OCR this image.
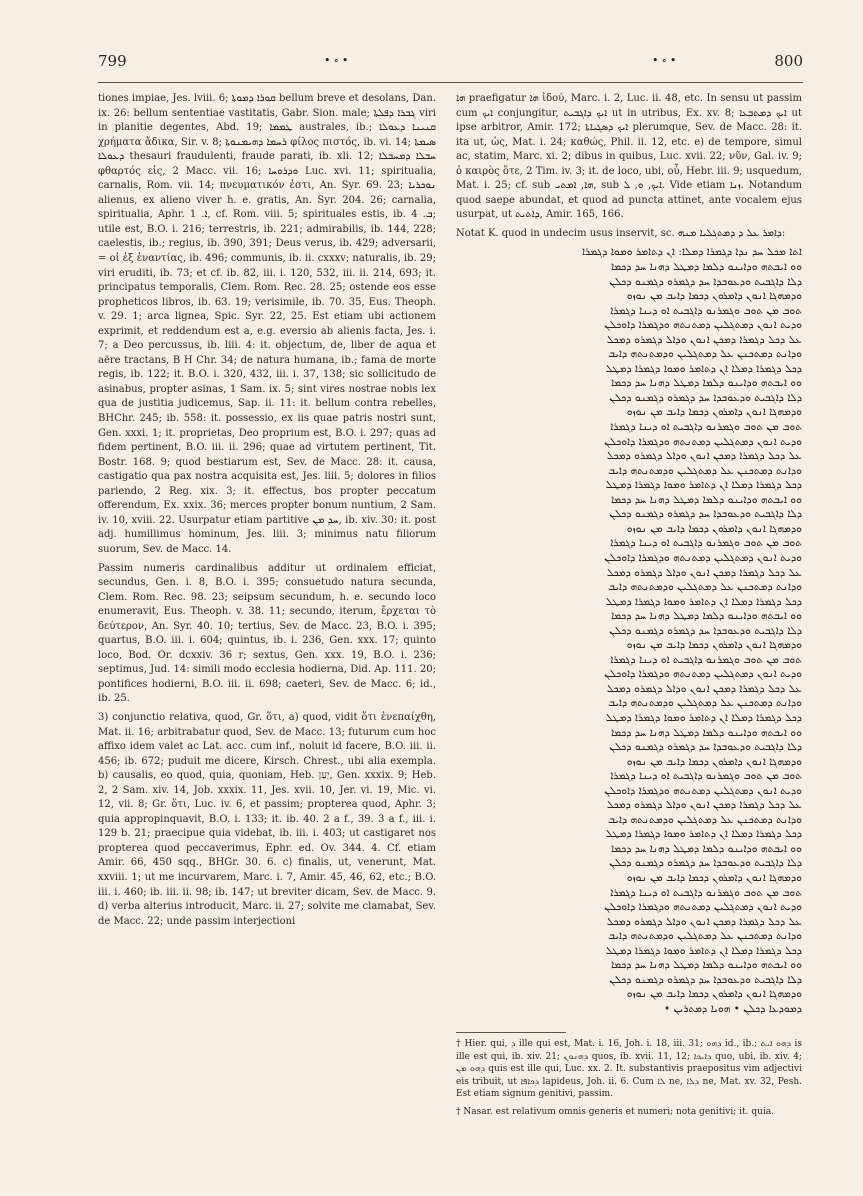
799	•∘•	•∘•	800

tiones impiae, Jes. lviii. 6; ܩܘܪܐ ܕܡܘܬܐ bellum breve et desolans, Dan. ix. 26: bellum sententiae vastitatis, Gabr. Sion. male; ܓܒܪܐ ܕܦܠܬܐ viri in planitie degentes, Abd. 19; ܛܡܡܐ australes, ib.; ܩܢܝܢܐ ܕܥܘܠܐ χρήματα ἄδικα, Sir. v. 8; ܪܚܡܐ ܕܗܝܡܢܘܬܐ φίλος πιστός, ib. vi. 14; ܣܝܡܬܐ ܕܥܘܠܐ thesauri fraudulenti, fraude parati, ib. xli. 12; ܚܒܠܐ ܕܡܚܒܠܐ φθαρτός εἰς, 2 Macc. vii. 16; ܘܕܪܘܚܐ Luc. xvi. 11; spiritualiа, carnalis, Rom. vii. 14; πνευματικόν ἐστι, An. Syr. 69. 23; ܢܘܟܪܝܐ alienus, ex alieno viver h. e. gratis, An. Syr. 204. 26; carnalia, spiritualia, Aphr. ܐ. 1, cf. Rom. viii. 5; spirituales estis, ib. ܒ. 4; utile est, B.O. i. 216; terrestris, ib. 221; admirabilis, ib. 144, 228; caelestis, ib.; regius, ib. 390, 391; Deus verus, ib. 429; adversarii, = οἱ ἐξ ἐναντίας, ib. 496; communis, ib. ii. cxxxv; naturalis, ib. 29; viri eruditi, ib. 73; et cf. ib. 82, iii. i. 120, 532, iii. ii. 214, 693; it. principatus temporalis, Clem. Rom. Rec. 28. 25; ostende eos esse propheticos libros, ib. 63. 19; verisimile, ib. 70. 35, Eus. Theoph. v. 29. 1; arca lignea, Spic. Syr. 22, 25. Est etiam ubi actionem exprimit, et reddendum est a, e.g. eversio ab alienis facta, Jes. i. 7; a Deo percussus, ib. liii. 4: it. objectum, de, liber de aqua et aëre tractans, B H Chr. 34; de natura humana, ib.; fama de morte regis, ib. 122; it. B.O. i. 320, 432, iii. i. 37, 138; sic sollicitudo de asinabus, propter asinas, 1 Sam. ix. 5; sint vires nostrae nobis lex qua de justitia judicemus, Sap. ii. 11: it. bellum contra rebelles, BHChr. 245; ib. 558: it. possessio, ex iis quae patris nostri sunt, Gen. xxxi. 1; it. proprietas, Deo proprium est, B.O. i. 297; quas ad fidem pertinent, B.O. iii. ii. 296; quae ad virtutem pertinent, Tit. Bostr. 168. 9; quod bestiarum est, Sev. de Macc. 28: it. causa, castigatio qua pax nostra acquisita est, Jes. liii. 5; dolores in filios pariendo, 2 Reg. xix. 3; it. effectus, bos propter peccatum offerendum, Ex. xxix. 36; merces propter bonum nuntium, 2 Sam. iv. 10, xviii. 22. Usurpatur etiam partitive ܚܕ ܡܢ, ib. xiv. 30: it. post adj. humillimus hominum, Jes. liii. 3; minimus natu filiorum suorum, Sev. de Macc. 14.

Passim numeris cardinalibus additur ut ordinalem efficiat, secundus, Gen. i. 8, B.O. i. 395; consuetudo natura secunda, Clem. Rom. Rec. 98. 23; seipsum secundum, h. e. secundo loco enumeravit, Eus. Theoph. v. 38. 11; secundo, iterum, ἔρχεται τὸ δεύτερον, An. Syr. 40. 10; tertius, Sev. de Macc. 23, B.O. i. 395; quartus, B.O. iii. i. 604; quintus, ib. i. 236, Gen. xxx. 17; quinto loco, Bod. Or. dcxxiv. 36 r; sextus, Gen. xxx. 19, B.O. i. 236; septimus, Jud. 14: simili modo ecclesia hodierna, Did. Ap. 111. 20; pontifices hodierni, B.O. iii. ii. 698; caeteri, Sev. de Macc. 6; id., ib. 25.

3) conjunctio relativa, quod, Gr. ὅτι, a) quod, vidit ὅτι ἐνεπαίχθη, Mat. ii. 16; arbitrabatur quod, Sev. de Macc. 13; futurum cum hoc affixo idem valet ac Lat. acc. cum inf., noluit id facere, B.O. iii. ii. 456; ib. 672; puduit me dicere, Kirsch. Chrest., ubi alia exempla. b) causalis, eo quod, quia, quoniam, Heb. יַעַן, Gen. xxxix. 9; Heb. 2, 2 Sam. xiv. 14, Job. xxxix. 11, Jes. xvii. 10, Jer. vi. 19, Mic. vi. 12, vii. 8; Gr. ὅτι, Luc. iv. 6, et passim; propterea quod, Aphr. 3; quia appropinquavit, B.O. i. 133; it. ib. 40. 2 a f., 39. 3 a f., iii. i. 129 b. 21; praecipue quia videbat, ib. iii. i. 403; ut castigaret nos propterea quod peccaverimus, Ephr. ed. Ov. 344. 4. Cf. etiam Amir. 66, 450 sqq., BHGr. 30. 6. c) finalis, ut, venerunt, Mat. xxviii. 1; ut me incurvarem, Marc. i. 7, Amir. 45, 46, 62, etc.; B.O. iii. i. 460; ib. iii. ii. 98; ib. 147; ut breviter dicam, Sev. de Macc. 9. d) verba alterius introducit, Marc. ii. 27; solvite me clamabat, Sev. de Macc. 22; unde passim interjectioni

ܗܐ praefigatur ܗܐ ἰδού, Marc. i. 2, Luc. ii. 48, etc. In sensu ut passim cum ܐܝܟ conjungitur, ܐܝܟ ܕܐܓܒܝܬ ut in utribus, Ex. xv. 8; ܐܝܟ ܕܡܬܒܥܐ ut ipse arbitror, Amir. 172; ܐܝܟ ܕܣܓܝܐܬܐ plerumque, Sev. de Macc. 28: it. ita ut, ὡς, Mat. i. 24; καθώς, Phil. ii. 12, etc. e) de tempore, simul ac, statim, Marc. xi. 2; dibus in quibus, Luc. xvii. 22; νῦν, Gal. iv. 9; ὁ καιρὸς ὅτε, 2 Tim. iv. 3; it. de loco, ubi, οὗ, Hebr. iii. 9; usquedum, Mat. i. 25; cf. sub ܗܐ, ܐܡܬܝ, sub ܐܝܟ, ܘ, ܠ. Vide etiam ܙܢܐ. Notandum quod saepe abundat, et quod ad puncta attinet, ante vocalem ejus usurpat, ut ܕܐܬܝܬ, Amir. 165, 166.

Notat K. quod in undecim usus inservit, sc. ܕܐܡܪ ܥܠ ܕ ܕܡܬܓܠܝܐ ܡܢܗ:

ܐܬܐ ܡܟܠ ܚܕ ܢܕܐ ܕܓܡܪܐ ܕܡܠܐ: ܐܢ ܕܬܐܡܪ ܘܡܘܐ ܕܓܡܪܐ
ܘܘ ܐܝܒܬܗ ܘܕܐܝܢܘ ܕܠܡܐ ܕܡܛܠ ܕܗܢܐ ܚܕ ܕܟܡܐ
ܕܠܐ ܕܐܓܒܝܬ ܘܕܥܘܒܕܐ ܚܕ ܕܓܡܪܘ ܕܓܡܢܘ ܕܟܠܢ
ܘܕܡܗܓܐ ܐܢܘܢ ܕܐܡܪܘܢ ܕܟܡܐ ܕܐܝܒ ܡܢ ܢܘܙܘ
ܬܘܒ ܡܢ ܬܘܒ ܘܓܡܪܢܘ ܕܐܓܒܝܬ ܐܘ ܕܝܢܐ ܕܓܡܪܐ
ܘܕܝܬ ܐܢܘܢ ܕܡܬܓܠܝܢ ܕܡܬܢܬܗ ܘܕܓܡܪܐ ܕܐܘܟܠܢ
ܥܠ ܕܟܠ ܕܓܡܪܐ ܕܡܟܢ ܐܢܘܢ ܘܕܐܠ ܕܓܡܪܘ ܕܡܟܠ
ܘܕܐܢܬ ܕܡܬܟܢܢ ܥܠ ܕܡܬܓܠܝܢ ܘܕܡܬܢܬܗ ܕܐܝܒ
ܕܟܠ ܕܓܡܪܐ ܕܡܠܐ ܐܢ ܕܬܐܡܪ ܘܡܘܐ ܕܓܡܪܐ ܕܡܛܠ
ܘܘ ܐܝܒܬܗ ܘܕܐܝܢܘ ܕܠܡܐ ܕܡܛܠ ܕܗܢܐ ܚܕ ܕܟܡܐ
ܕܠܐ ܕܐܓܒܝܬ ܘܕܥܘܒܕܐ ܚܕ ܕܓܡܪܘ ܕܓܡܢܘ ܕܟܠܢ
ܘܕܡܗܓܐ ܐܢܘܢ ܕܐܡܪܘܢ ܕܟܡܐ ܕܐܝܒ ܡܢ ܢܘܙܘ
ܬܘܒ ܡܢ ܬܘܒ ܘܓܡܪܢܘ ܕܐܓܒܝܬ ܐܘ ܕܝܢܐ ܕܓܡܪܐ
ܘܕܝܬ ܐܢܘܢ ܕܡܬܓܠܝܢ ܕܡܬܢܬܗ ܘܕܓܡܪܐ ܕܐܘܟܠܢ
ܥܠ ܕܟܠ ܕܓܡܪܐ ܕܡܟܢ ܐܢܘܢ ܘܕܐܠ ܕܓܡܪܘ ܕܡܟܠ
ܘܕܐܢܬ ܕܡܬܟܢܢ ܥܠ ܕܡܬܓܠܝܢ ܘܕܡܬܢܬܗ ܕܐܝܒ
ܕܟܠ ܕܓܡܪܐ ܕܡܠܐ ܐܢ ܕܬܐܡܪ ܘܡܘܐ ܕܓܡܪܐ ܕܡܛܠ
ܘܘ ܐܝܒܬܗ ܘܕܐܝܢܘ ܕܠܡܐ ܕܡܛܠ ܕܗܢܐ ܚܕ ܕܟܡܐ
ܕܠܐ ܕܐܓܒܝܬ ܘܕܥܘܒܕܐ ܚܕ ܕܓܡܪܘ ܕܓܡܢܘ ܕܟܠܢ
ܘܕܡܗܓܐ ܐܢܘܢ ܕܐܡܪܘܢ ܕܟܡܐ ܕܐܝܒ ܡܢ ܢܘܙܘ
ܬܘܒ ܡܢ ܬܘܒ ܘܓܡܪܢܘ ܕܐܓܒܝܬ ܐܘ ܕܝܢܐ ܕܓܡܪܐ
ܘܕܝܬ ܐܢܘܢ ܕܡܬܓܠܝܢ ܕܡܬܢܬܗ ܘܕܓܡܪܐ ܕܐܘܟܠܢ
ܥܠ ܕܟܠ ܕܓܡܪܐ ܕܡܟܢ ܐܢܘܢ ܘܕܐܠ ܕܓܡܪܘ ܕܡܟܠ
ܘܕܐܢܬ ܕܡܬܟܢܢ ܥܠ ܕܡܬܓܠܝܢ ܘܕܡܬܢܬܗ ܕܐܝܒ
ܕܟܠ ܕܓܡܪܐ ܕܡܠܐ ܐܢ ܕܬܐܡܪ ܘܡܘܐ ܕܓܡܪܐ ܕܡܛܠ
ܘܘ ܐܝܒܬܗ ܘܕܐܝܢܘ ܕܠܡܐ ܕܡܛܠ ܕܗܢܐ ܚܕ ܕܟܡܐ
ܕܠܐ ܕܐܓܒܝܬ ܘܕܥܘܒܕܐ ܚܕ ܕܓܡܪܘ ܕܓܡܢܘ ܕܟܠܢ
ܘܕܡܗܓܐ ܐܢܘܢ ܕܐܡܪܘܢ ܕܟܡܐ ܕܐܝܒ ܡܢ ܢܘܙܘ
ܬܘܒ ܡܢ ܬܘܒ ܘܓܡܪܢܘ ܕܐܓܒܝܬ ܐܘ ܕܝܢܐ ܕܓܡܪܐ
ܘܕܝܬ ܐܢܘܢ ܕܡܬܓܠܝܢ ܕܡܬܢܬܗ ܘܕܓܡܪܐ ܕܐܘܟܠܢ
ܥܠ ܕܟܠ ܕܓܡܪܐ ܕܡܟܢ ܐܢܘܢ ܘܕܐܠ ܕܓܡܪܘ ܕܡܟܠ
ܘܕܐܢܬ ܕܡܬܟܢܢ ܥܠ ܕܡܬܓܠܝܢ ܘܕܡܬܢܬܗ ܕܐܝܒ
ܕܟܠ ܕܓܡܪܐ ܕܡܠܐ ܐܢ ܕܬܐܡܪ ܘܡܘܐ ܕܓܡܪܐ ܕܡܛܠ
ܘܘ ܐܝܒܬܗ ܘܕܐܝܢܘ ܕܠܡܐ ܕܡܛܠ ܕܗܢܐ ܚܕ ܕܟܡܐ
ܕܠܐ ܕܐܓܒܝܬ ܘܕܥܘܒܕܐ ܚܕ ܕܓܡܪܘ ܕܓܡܢܘ ܕܟܠܢ
ܘܕܡܗܓܐ ܐܢܘܢ ܕܐܡܪܘܢ ܕܟܡܐ ܕܐܝܒ ܡܢ ܢܘܙܘ
ܬܘܒ ܡܢ ܬܘܒ ܘܓܡܪܢܘ ܕܐܓܒܝܬ ܐܘ ܕܝܢܐ ܕܓܡܪܐ
ܘܕܝܬ ܐܢܘܢ ܕܡܬܓܠܝܢ ܕܡܬܢܬܗ ܘܕܓܡܪܐ ܕܐܘܟܠܢ
ܥܠ ܕܟܠ ܕܓܡܪܐ ܕܡܟܢ ܐܢܘܢ ܘܕܐܠ ܕܓܡܪܘ ܕܡܟܠ
ܘܕܐܢܬ ܕܡܬܟܢܢ ܥܠ ܕܡܬܓܠܝܢ ܘܕܡܬܢܬܗ ܕܐܝܒ
ܕܟܠ ܕܓܡܪܐ ܕܡܠܐ ܐܢ ܕܬܐܡܪ ܘܡܘܐ ܕܓܡܪܐ ܕܡܛܠ
ܘܘ ܐܝܒܬܗ ܘܕܐܝܢܘ ܕܠܡܐ ܕܡܛܠ ܕܗܢܐ ܚܕ ܕܟܡܐ
ܕܠܐ ܕܐܓܒܝܬ ܘܕܥܘܒܕܐ ܚܕ ܕܓܡܪܘ ܕܓܡܢܘ ܕܟܠܢ
ܘܕܡܗܓܐ ܐܢܘܢ ܕܐܡܪܘܢ ܕܟܡܐ ܕܐܝܒ ܡܢ ܢܘܙܘ
ܬܘܒ ܡܢ ܬܘܒ ܘܓܡܪܢܘ ܕܐܓܒܝܬ ܐܘ ܕܝܢܐ ܕܓܡܪܐ
ܘܕܝܬ ܐܢܘܢ ܕܡܬܓܠܝܢ ܕܡܬܢܬܗ ܘܕܓܡܪܐ ܕܐܘܟܠܢ
ܥܠ ܕܟܠ ܕܓܡܪܐ ܕܡܟܢ ܐܢܘܢ ܘܕܐܠ ܕܓܡܪܘ ܕܡܟܠ
ܘܕܐܢܬ ܕܡܬܟܢܢ ܥܠ ܕܡܬܓܠܝܢ ܘܕܡܬܢܬܗ ܕܐܝܒ
ܕܟܠ ܕܓܡܪܐ ܕܡܠܐ ܐܢ ܕܬܐܡܪ ܘܡܘܐ ܕܓܡܪܐ ܕܡܛܠ
ܘܘ ܐܝܒܬܗ ܘܕܐܝܢܘ ܕܠܡܐ ܕܡܛܠ ܕܗܢܐ ܚܕ ܕܟܡܐ
ܕܠܐ ܕܐܓܒܝܬ ܘܕܥܘܒܕܐ ܚܕ ܕܓܡܪܘ ܕܓܡܢܘ ܕܟܠܢ
ܘܕܡܗܓܐ ܐܢܘܢ ܕܐܡܪܘܢ ܕܟܡܐ ܕܐܝܒ ܡܢ ܢܘܙܘ
ܕܡܘܕܥܐ ܕܟܠܢ • ܗܘܝܐ ܕܡܬܪܝܢ •

† Hier. qui, ܕ ille qui est, Mat. i. 16, Joh. i. 18, iii. 31; ܕܗܘ id., ib.; ܕܗܘ ܐܝܬ is ille est qui, ib. xiv. 21; ܕܗܢܘܢ quos, ib. xvii. 11, 12; ܕܐܝܟܐ quo, ubi, ib. xiv. 4; ܕܗܘ ܡܢ quis est ille qui, Luc. xx. 2. It. substantivis praepositus vim adjectivi eis tribuit, ut ܕܟܐܦܐ lapideus, Joh. ii. 6. Cum ܠܐ ne, ܕܠܐ ne, Mat. xv. 32, Pesh. Est etiam signum genitivi, passim.

† Nasar. est relativum omnis generis et numeri; nota genitivi; it. quia.
